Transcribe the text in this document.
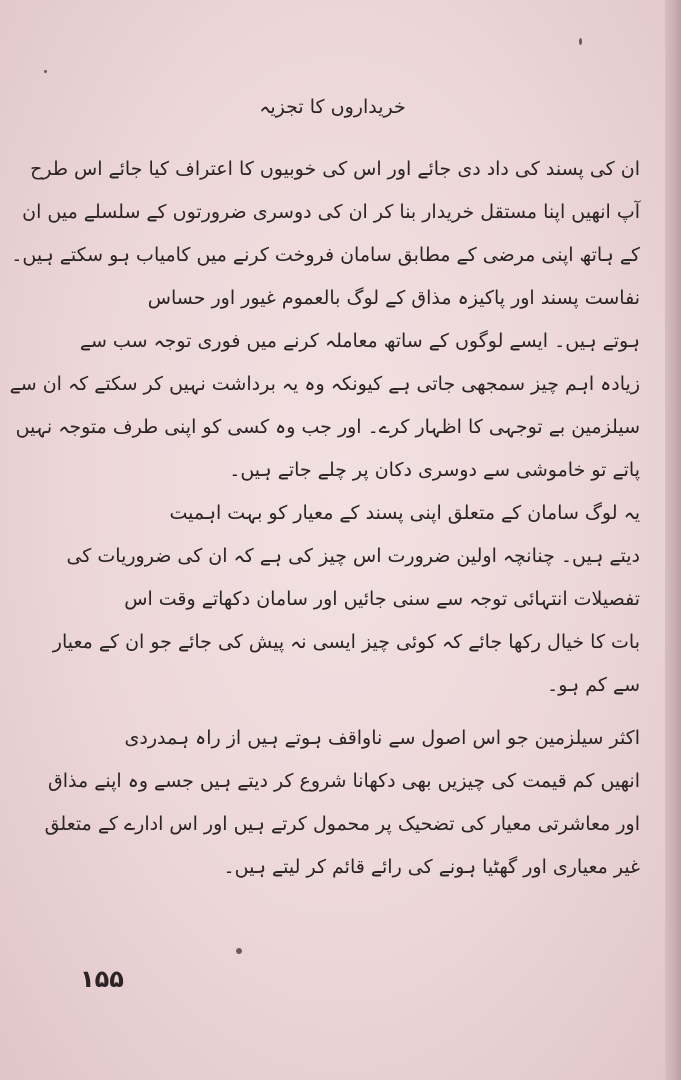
خریداروں کا تجزیہ
ان کی پسند کی داد دی جائے اور اس کی خوبیوں کا اعتراف کیا جائے اس طرح
آپ انھیں اپنا مستقل خریدار بنا کر ان کی دوسری ضرورتوں کے سلسلے میں ان
کے ہاتھ اپنی مرضی کے مطابق سامان فروخت کرنے میں کامیاب ہو سکتے ہیں۔
نفاست پسند اور پاکیزہ مذاق کے لوگ بالعموم غیور اور حساس
ہوتے ہیں۔ ایسے لوگوں کے ساتھ معاملہ کرنے میں فوری توجہ سب سے
زیادہ اہم چیز سمجھی جاتی ہے کیونکہ وہ یہ برداشت نہیں کر سکتے کہ ان سے
سیلزمین بے توجہی کا اظہار کرے۔ اور جب وہ کسی کو اپنی طرف متوجہ نہیں
پاتے تو خاموشی سے دوسری دکان پر چلے جاتے ہیں۔
یہ لوگ سامان کے متعلق اپنی پسند کے معیار کو بہت اہمیت
دیتے ہیں۔ چنانچہ اولین ضرورت اس چیز کی ہے کہ ان کی ضروریات کی
تفصیلات انتہائی توجہ سے سنی جائیں اور سامان دکھاتے وقت اس
بات کا خیال رکھا جائے کہ کوئی چیز ایسی نہ پیش کی جائے جو ان کے معیار
سے کم ہو۔
اکثر سیلزمین جو اس اصول سے ناواقف ہوتے ہیں از راہ ہمدردی
انھیں کم قیمت کی چیزیں بھی دکھانا شروع کر دیتے ہیں جسے وہ اپنے مذاق
اور معاشرتی معیار کی تضحیک پر محمول کرتے ہیں اور اس ادارے کے متعلق
غیر معیاری اور گھٹیا ہونے کی رائے قائم کر لیتے ہیں۔
۱۵۵
